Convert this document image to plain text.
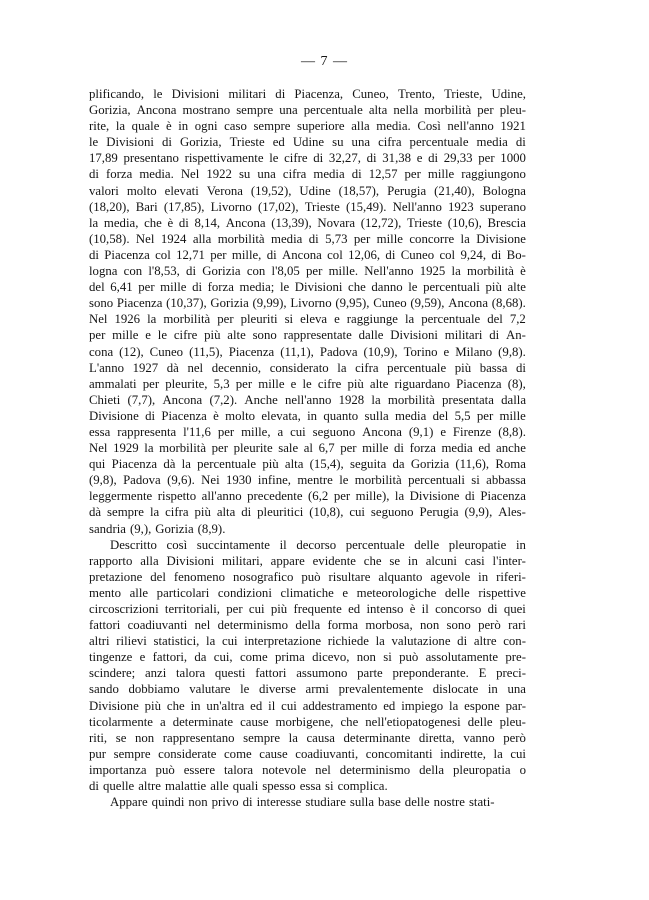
— 7 —
plificando, le Divisioni militari di Piacenza, Cuneo, Trento, Trieste, Udine,
Gorizia, Ancona mostrano sempre una percentuale alta nella morbilità per pleu-
rite, la quale è in ogni caso sempre superiore alla media. Così nell'anno 1921
le Divisioni di Gorizia, Trieste ed Udine su una cifra percentuale media di
17,89 presentano rispettivamente le cifre di 32,27, di 31,38 e di 29,33 per 1000
di forza media. Nel 1922 su una cifra media di 12,57 per mille raggiungono
valori molto elevati Verona (19,52), Udine (18,57), Perugia (21,40), Bologna
(18,20), Bari (17,85), Livorno (17,02), Trieste (15,49). Nell'anno 1923 superano
la media, che è di 8,14, Ancona (13,39), Novara (12,72), Trieste (10,6), Brescia
(10,58). Nel 1924 alla morbilità media di 5,73 per mille concorre la Divisione
di Piacenza col 12,71 per mille, di Ancona col 12,06, di Cuneo col 9,24, di Bo-
logna con l'8,53, di Gorizia con l'8,05 per mille. Nell'anno 1925 la morbilità è
del 6,41 per mille di forza media; le Divisioni che danno le percentuali più alte
sono Piacenza (10,37), Gorizia (9,99), Livorno (9,95), Cuneo (9,59), Ancona (8,68).
Nel 1926 la morbilità per pleuriti si eleva e raggiunge la percentuale del 7,2
per mille e le cifre più alte sono rappresentate dalle Divisioni militari di An-
cona (12), Cuneo (11,5), Piacenza (11,1), Padova (10,9), Torino e Milano (9,8).
L'anno 1927 dà nel decennio, considerato la cifra percentuale più bassa di
ammalati per pleurite, 5,3 per mille e le cifre più alte riguardano Piacenza (8),
Chieti (7,7), Ancona (7,2). Anche nell'anno 1928 la morbilità presentata dalla
Divisione di Piacenza è molto elevata, in quanto sulla media del 5,5 per mille
essa rappresenta l'11,6 per mille, a cui seguono Ancona (9,1) e Firenze (8,8).
Nel 1929 la morbilità per pleurite sale al 6,7 per mille di forza media ed anche
qui Piacenza dà la percentuale più alta (15,4), seguita da Gorizia (11,6), Roma
(9,8), Padova (9,6). Nei 1930 infine, mentre le morbilità percentuali si abbassa
leggermente rispetto all'anno precedente (6,2 per mille), la Divisione di Piacenza
dà sempre la cifra più alta di pleuritici (10,8), cui seguono Perugia (9,9), Ales-
sandria (9,), Gorizia (8,9).
Descritto così succintamente il decorso percentuale delle pleuropatie in
rapporto alla Divisioni militari, appare evidente che se in alcuni casi l'inter-
pretazione del fenomeno nosografico può risultare alquanto agevole in riferi-
mento alle particolari condizioni climatiche e meteorologiche delle rispettive
circoscrizioni territoriali, per cui più frequente ed intenso è il concorso di quei
fattori coadiuvanti nel determinismo della forma morbosa, non sono però rari
altri rilievi statistici, la cui interpretazione richiede la valutazione di altre con-
tingenze e fattori, da cui, come prima dicevo, non si può assolutamente pre-
scindere; anzi talora questi fattori assumono parte preponderante. E preci-
sando dobbiamo valutare le diverse armi prevalentemente dislocate in una
Divisione più che in un'altra ed il cui addestramento ed impiego la espone par-
ticolarmente a determinate cause morbigene, che nell'etiopatogenesi delle pleu-
riti, se non rappresentano sempre la causa determinante diretta, vanno però
pur sempre considerate come cause coadiuvanti, concomitanti indirette, la cui
importanza può essere talora notevole nel determinismo della pleuropatia o
di quelle altre malattie alle quali spesso essa si complica.
Appare quindi non privo di interesse studiare sulla base delle nostre stati-
